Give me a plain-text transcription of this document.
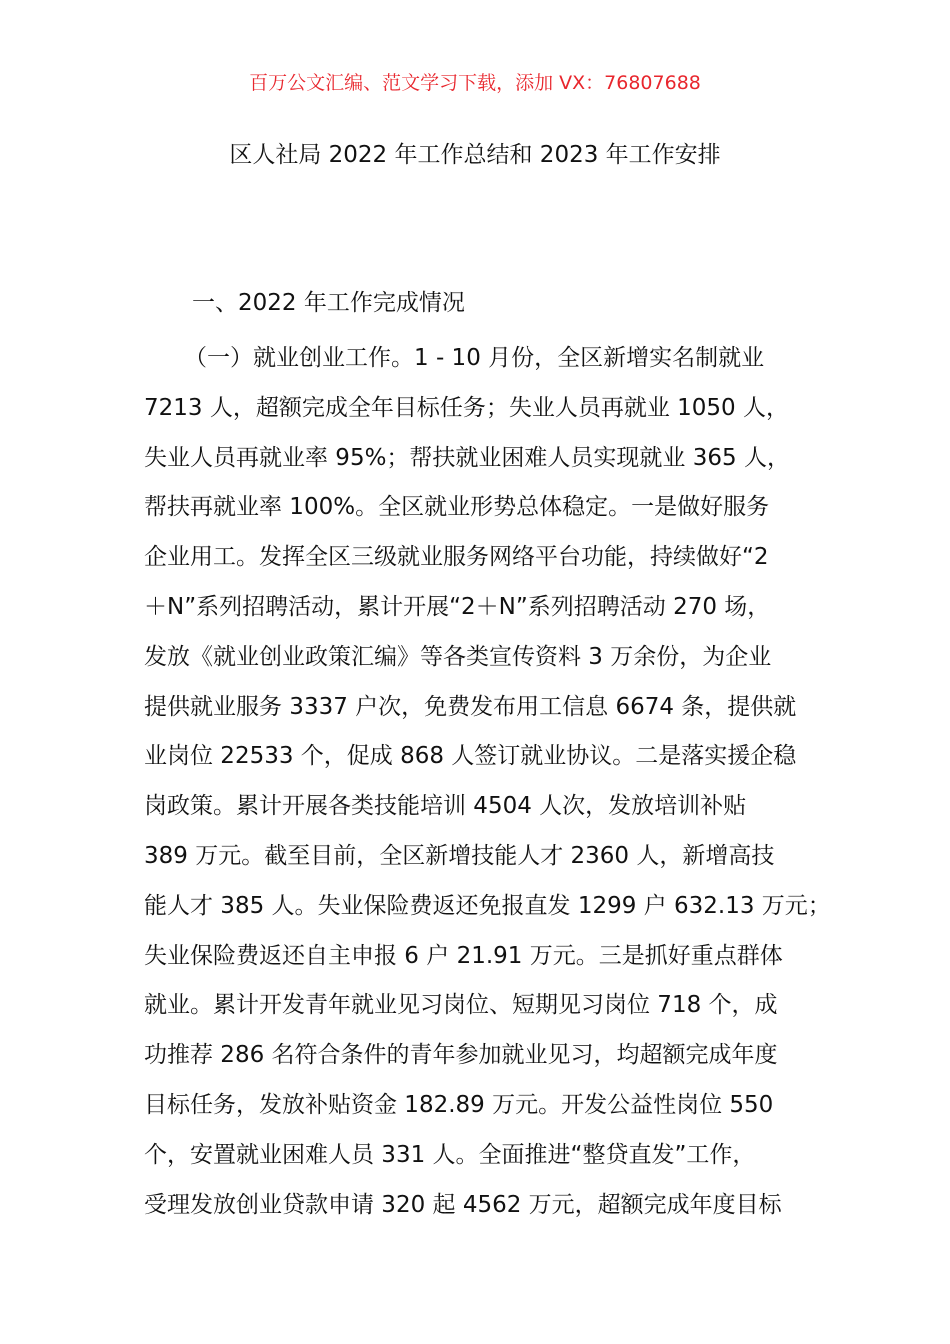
百万公文汇编、范文学习下载，添加 VX：76807688
区人社局 2022 年工作总结和 2023 年工作安排
一、2022 年工作完成情况
（一）就业创业工作。1 - 10 月份，全区新增实名制就业
7213 人，超额完成全年目标任务；失业人员再就业 1050 人，
失业人员再就业率 95%；帮扶就业困难人员实现就业 365 人，
帮扶再就业率 100%。全区就业形势总体稳定。一是做好服务
企业用工。发挥全区三级就业服务网络平台功能，持续做好“2
＋N”系列招聘活动，累计开展“2＋N”系列招聘活动 270 场，
发放《就业创业政策汇编》等各类宣传资料 3 万余份，为企业
提供就业服务 3337 户次，免费发布用工信息 6674 条，提供就
业岗位 22533 个，促成 868 人签订就业协议。二是落实援企稳
岗政策。累计开展各类技能培训 4504 人次，发放培训补贴
389 万元。截至目前，全区新增技能人才 2360 人，新增高技
能人才 385 人。失业保险费返还免报直发 1299 户 632.13 万元；
失业保险费返还自主申报 6 户 21.91 万元。三是抓好重点群体
就业。累计开发青年就业见习岗位、短期见习岗位 718 个，成
功推荐 286 名符合条件的青年参加就业见习，均超额完成年度
目标任务，发放补贴资金 182.89 万元。开发公益性岗位 550
个，安置就业困难人员 331 人。全面推进“整贷直发”工作，
受理发放创业贷款申请 320 起 4562 万元，超额完成年度目标
